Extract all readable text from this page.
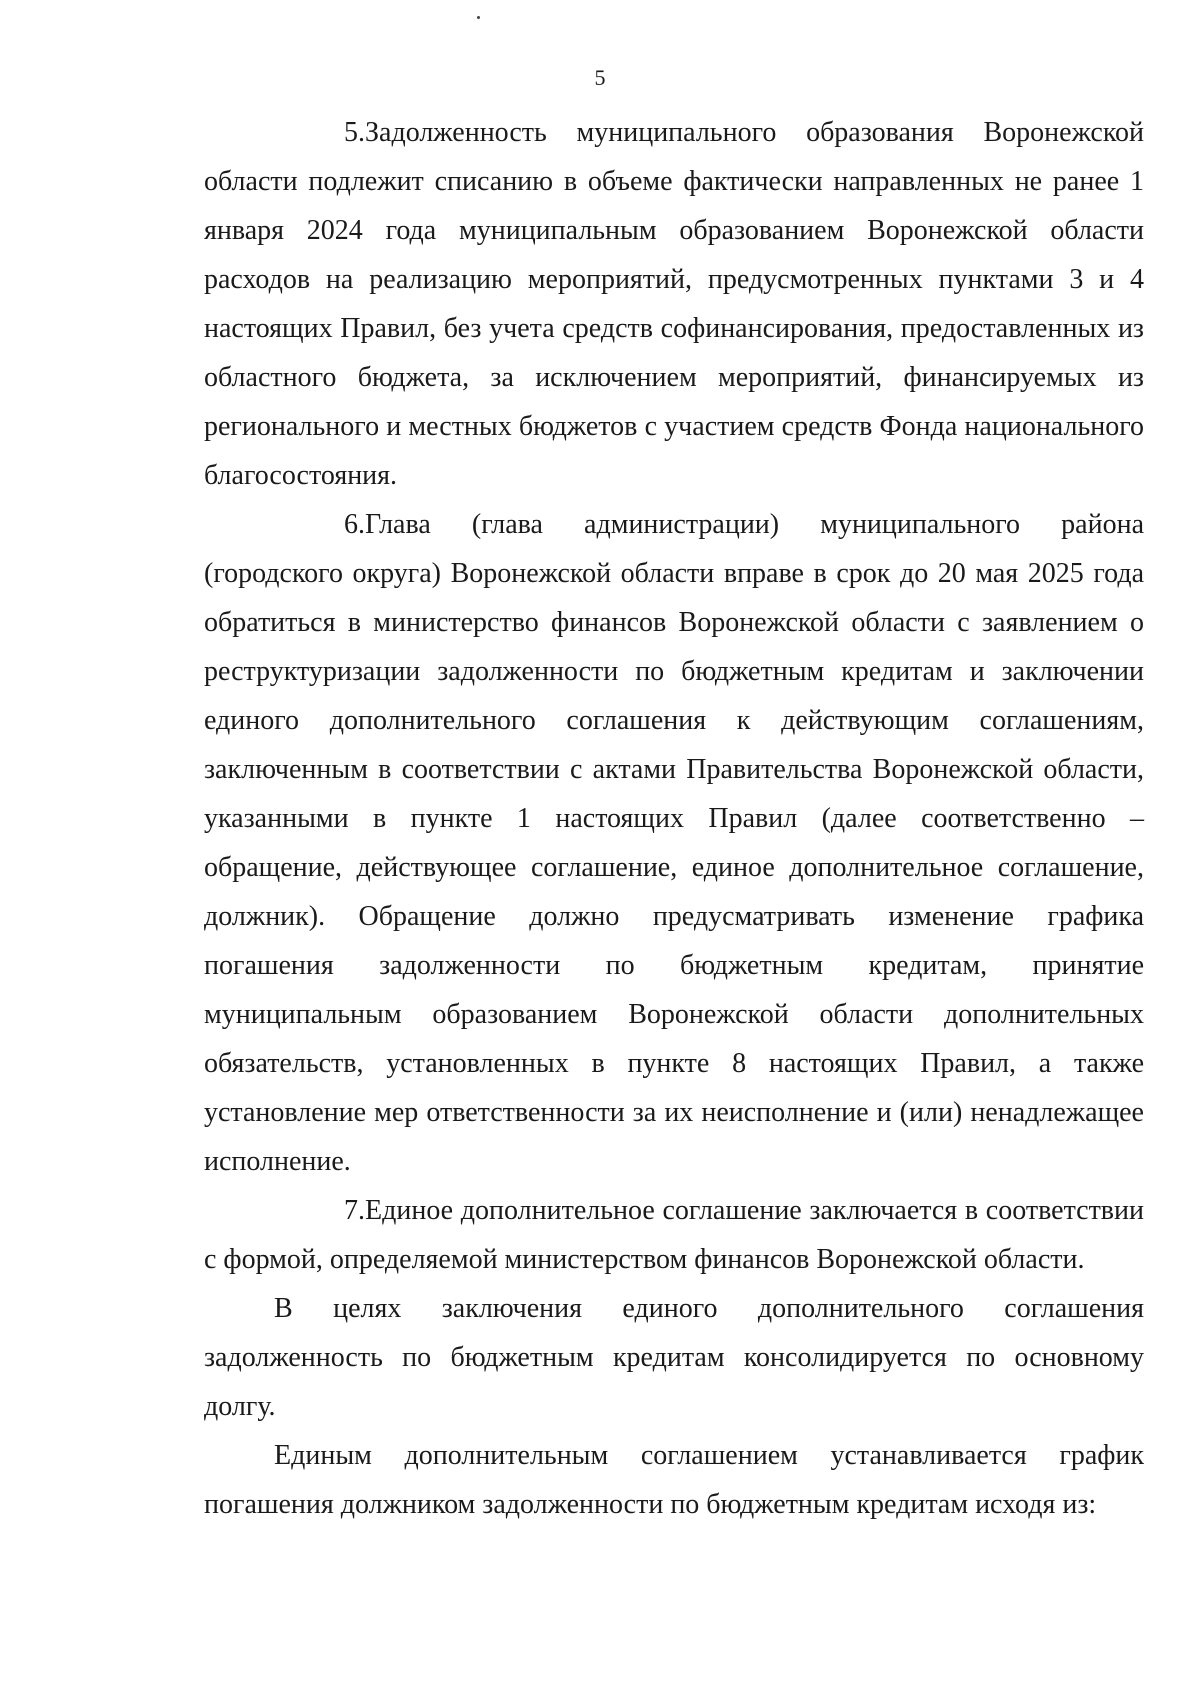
5

5.Задолженность муниципального образования Воронежской области подлежит списанию в объеме фактически направленных не ранее 1 января 2024 года муниципальным образованием Воронежской области расходов на реализацию мероприятий, предусмотренных пунктами 3 и 4 настоящих Правил, без учета средств софинансирования, предоставленных из областного бюджета, за исключением мероприятий, финансируемых из регионального и местных бюджетов с участием средств Фонда национального благосостояния.

6.Глава (глава администрации) муниципального района (городского округа) Воронежской области вправе в срок до 20 мая 2025 года обратиться в министерство финансов Воронежской области с заявлением о реструктуризации задолженности по бюджетным кредитам и заключении единого дополнительного соглашения к действующим соглашениям, заключенным в соответствии с актами Правительства Воронежской области, указанными в пункте 1 настоящих Правил (далее соответственно – обращение, действующее соглашение, единое дополнительное соглашение, должник). Обращение должно предусматривать изменение графика погашения задолженности по бюджетным кредитам, принятие муниципальным образованием Воронежской области дополнительных обязательств, установленных в пункте 8 настоящих Правил, а также установление мер ответственности за их неисполнение и (или) ненадлежащее исполнение.

7.Единое дополнительное соглашение заключается в соответствии с формой, определяемой министерством финансов Воронежской области.

В целях заключения единого дополнительного соглашения задолженность по бюджетным кредитам консолидируется по основному долгу.

Единым дополнительным соглашением устанавливается график погашения должником задолженности по бюджетным кредитам исходя из:
